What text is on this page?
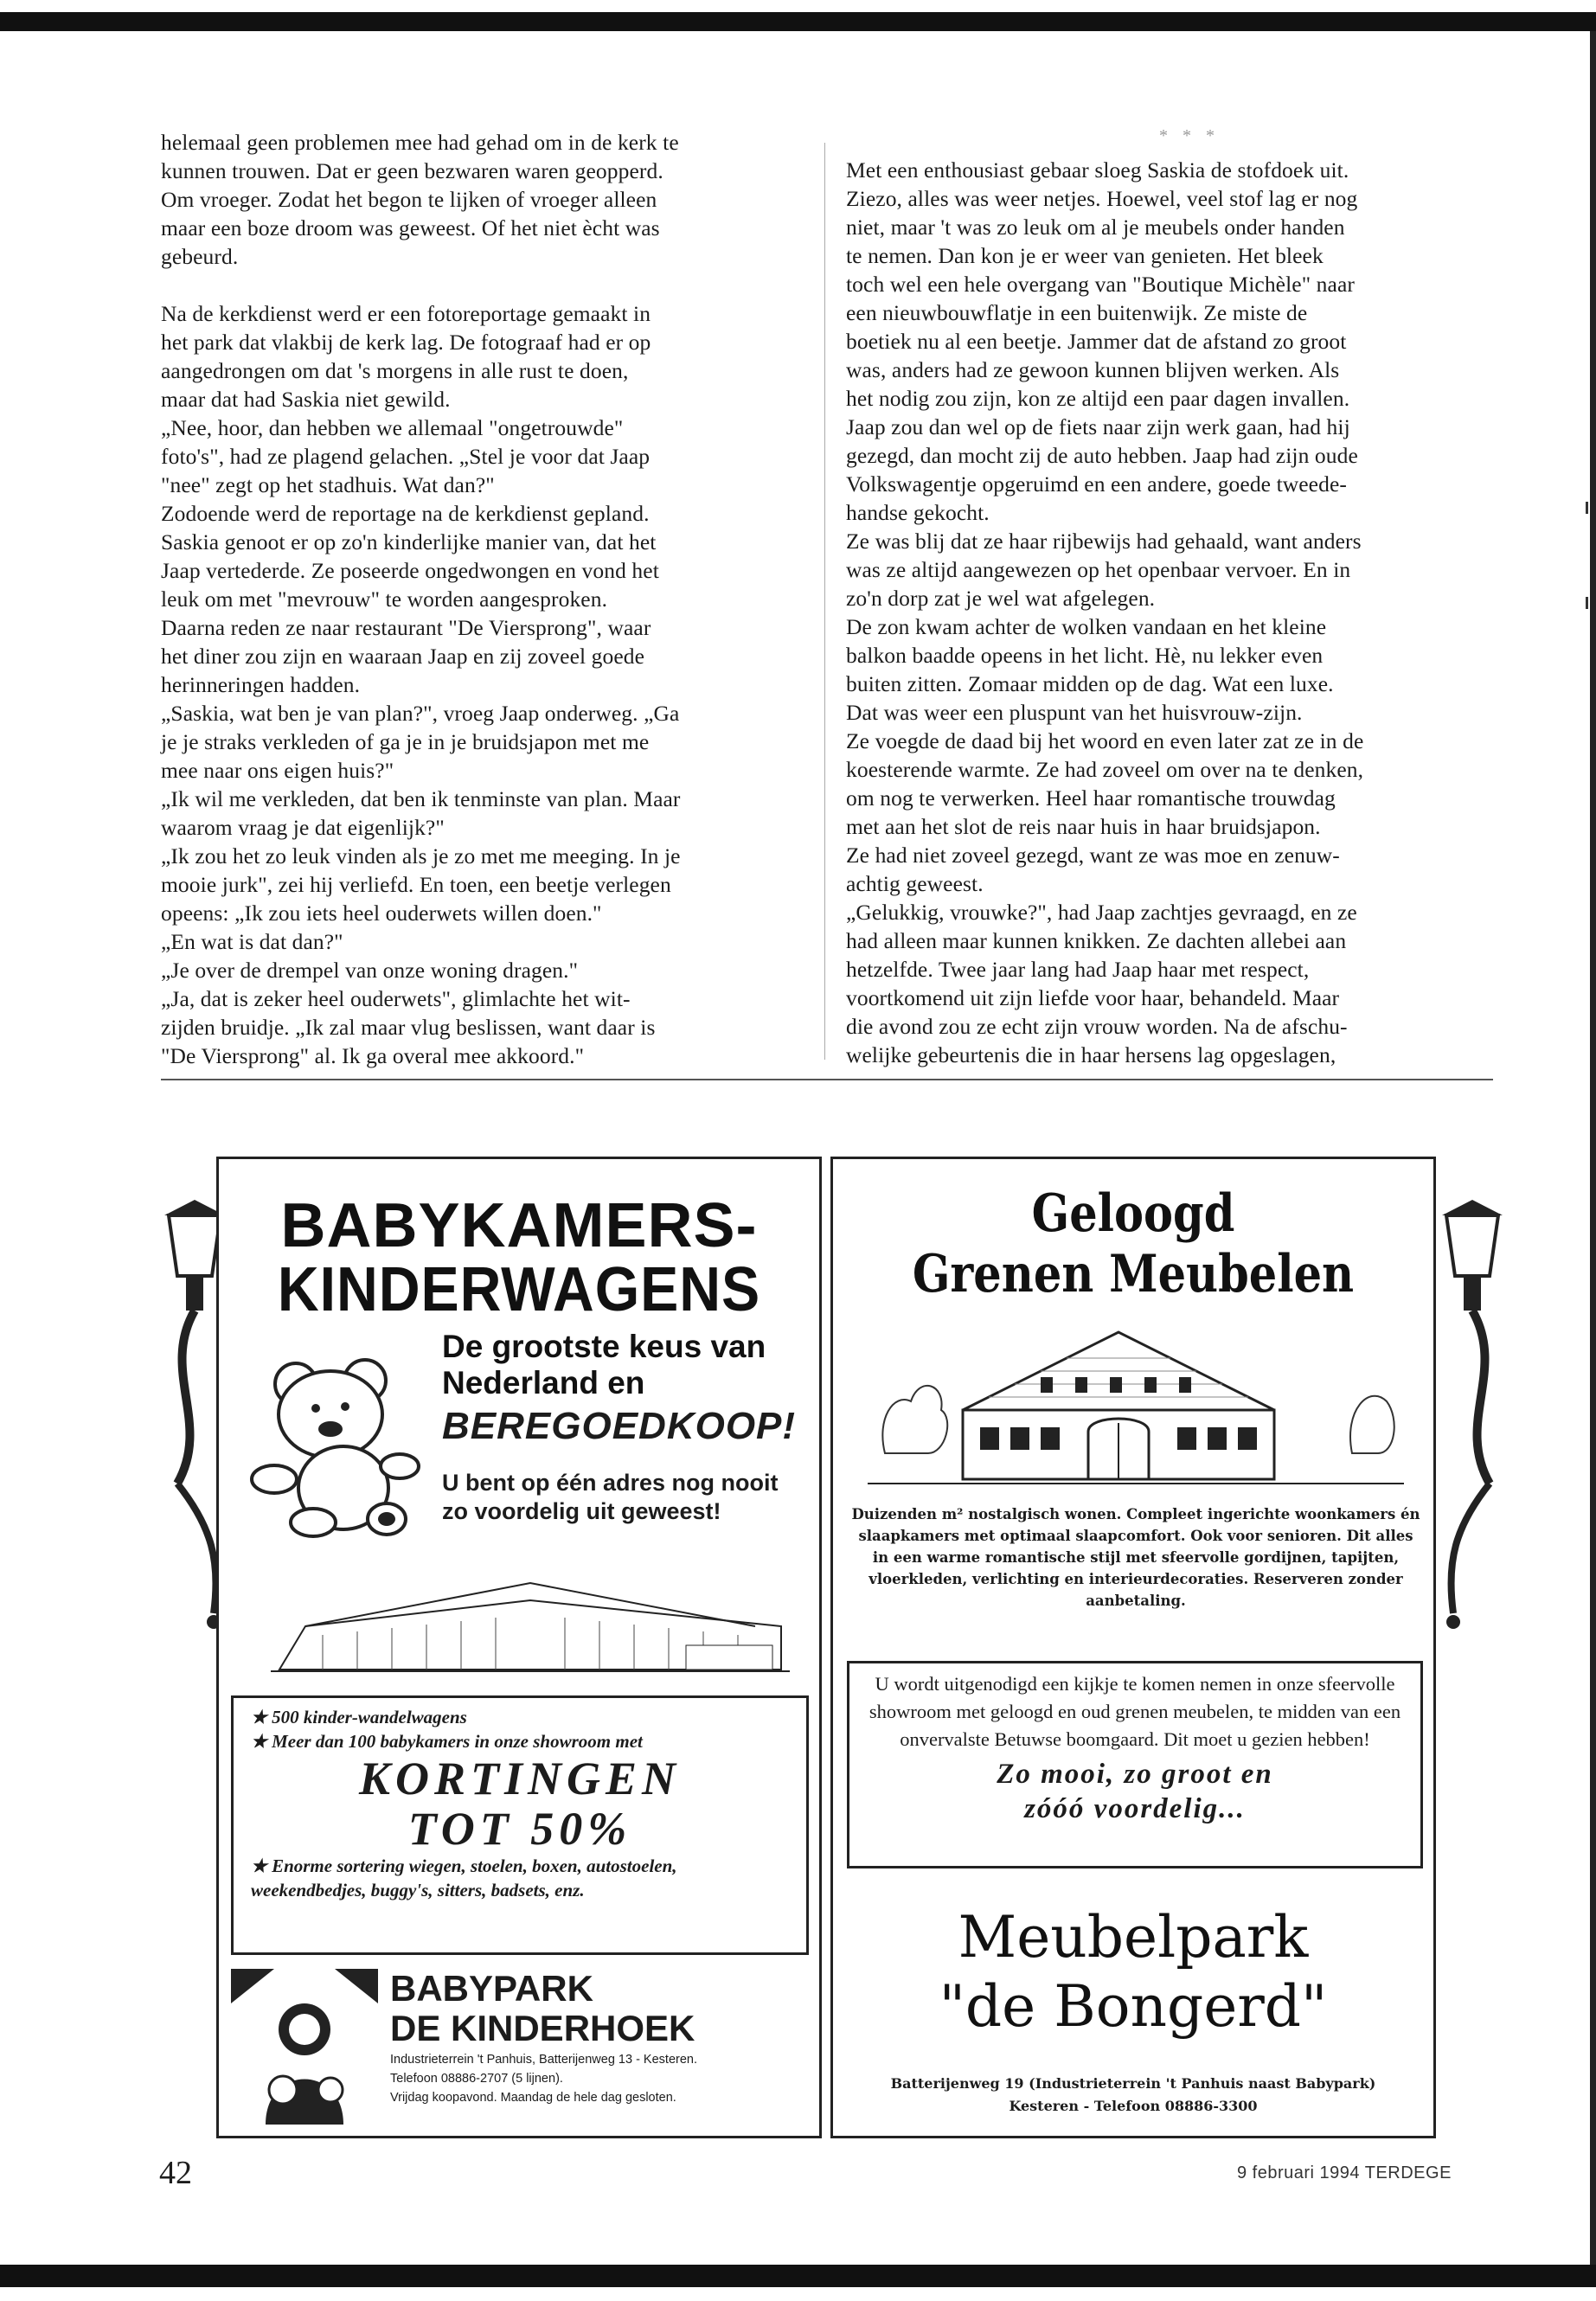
helemaal geen problemen mee had gehad om in de kerk te
kunnen trouwen. Dat er geen bezwaren waren geopperd.
Om vroeger. Zodat het begon te lijken of vroeger alleen
maar een boze droom was geweest. Of het niet ècht was
gebeurd.

Na de kerkdienst werd er een fotoreportage gemaakt in
het park dat vlakbij de kerk lag. De fotograaf had er op
aangedrongen om dat 's morgens in alle rust te doen,
maar dat had Saskia niet gewild.
„Nee, hoor, dan hebben we allemaal "ongetrouwde"
foto's", had ze plagend gelachen. „Stel je voor dat Jaap
"nee" zegt op het stadhuis. Wat dan?"
Zodoende werd de reportage na de kerkdienst gepland.
Saskia genoot er op zo'n kinderlijke manier van, dat het
Jaap vertederde. Ze poseerde ongedwongen en vond het
leuk om met "mevrouw" te worden aangesproken.
Daarna reden ze naar restaurant "De Viersprong", waar
het diner zou zijn en waaraan Jaap en zij zoveel goede
herinneringen hadden.
„Saskia, wat ben je van plan?", vroeg Jaap onderweg. „Ga
je je straks verkleden of ga je in je bruidsjapon met me
mee naar ons eigen huis?"
„Ik wil me verkleden, dat ben ik tenminste van plan. Maar
waarom vraag je dat eigenlijk?"
„Ik zou het zo leuk vinden als je zo met me meeging. In je
mooie jurk", zei hij verliefd. En toen, een beetje verlegen
opeens: „Ik zou iets heel ouderwets willen doen."
„En wat is dat dan?"
„Je over de drempel van onze woning dragen."
„Ja, dat is zeker heel ouderwets", glimlachte het wit-
zijden bruidje. „Ik zal maar vlug beslissen, want daar is
"De Viersprong" al. Ik ga overal mee akkoord."

* * *

Met een enthousiast gebaar sloeg Saskia de stofdoek uit.
Ziezo, alles was weer netjes. Hoewel, veel stof lag er nog
niet, maar 't was zo leuk om al je meubels onder handen
te nemen. Dan kon je er weer van genieten. Het bleek
toch wel een hele overgang van "Boutique Michèle" naar
een nieuwbouwflatje in een buitenwijk. Ze miste de
boetiek nu al een beetje. Jammer dat de afstand zo groot
was, anders had ze gewoon kunnen blijven werken. Als
het nodig zou zijn, kon ze altijd een paar dagen invallen.
Jaap zou dan wel op de fiets naar zijn werk gaan, had hij
gezegd, dan mocht zij de auto hebben. Jaap had zijn oude
Volkswagentje opgeruimd en een andere, goede tweede-
handse gekocht.
Ze was blij dat ze haar rijbewijs had gehaald, want anders
was ze altijd aangewezen op het openbaar vervoer. En in
zo'n dorp zat je wel wat afgelegen.
De zon kwam achter de wolken vandaan en het kleine
balkon baadde opeens in het licht. Hè, nu lekker even
buiten zitten. Zomaar midden op de dag. Wat een luxe.
Dat was weer een pluspunt van het huisvrouw-zijn.
Ze voegde de daad bij het woord en even later zat ze in de
koesterende warmte. Ze had zoveel om over na te denken,
om nog te verwerken. Heel haar romantische trouwdag
met aan het slot de reis naar huis in haar bruidsjapon.
Ze had niet zoveel gezegd, want ze was moe en zenuw-
achtig geweest.
„Gelukkig, vrouwke?", had Jaap zachtjes gevraagd, en ze
had alleen maar kunnen knikken. Ze dachten allebei aan
hetzelfde. Twee jaar lang had Jaap haar met respect,
voortkomend uit zijn liefde voor haar, behandeld. Maar
die avond zou ze echt zijn vrouw worden. Na de afschu-
welijke gebeurtenis die in haar hersens lag opgeslagen,

BABYKAMERS-
KINDERWAGENS
De grootste keus van Nederland en
BEREGOEDKOOP!
U bent op één adres nog nooit zo voordelig uit geweest!
★ 500 kinder-wandelwagens
★ Meer dan 100 babykamers in onze showroom met
KORTINGEN
TOT 50%
★ Enorme sortering wiegen, stoelen, boxen, autostoelen,
weekendbedjes, buggy's, sitters, badsets, enz.
BABYPARK
DE KINDERHOEK
Industrieterrein 't Panhuis, Batterijenweg 13 - Kesteren.
Telefoon 08886-2707 (5 lijnen).
Vrijdag koopavond. Maandag de hele dag gesloten.
Geloogd
Grenen Meubelen
Duizenden m² nostalgisch wonen. Compleet ingerichte woonkamers én slaapkamers met optimaal slaapcomfort. Ook voor senioren. Dit alles in een warme romantische stijl met sfeervolle gordijnen, tapijten, vloerkleden, verlichting en interieurdecoraties. Reserveren zonder aanbetaling.
U wordt uitgenodigd een kijkje te komen nemen in onze sfeervolle showroom met geloogd en oud grenen meubelen, te midden van een onvervalste Betuwse boomgaard. Dit moet u gezien hebben!
Zo mooi, zo groot en
zóóó voordelig...
Meubelpark
"de Bongerd"
Batterijenweg 19 (Industrieterrein 't Panhuis naast Babypark)
Kesteren - Telefoon 08886-3300
42	9 februari 1994 TERDEGE
